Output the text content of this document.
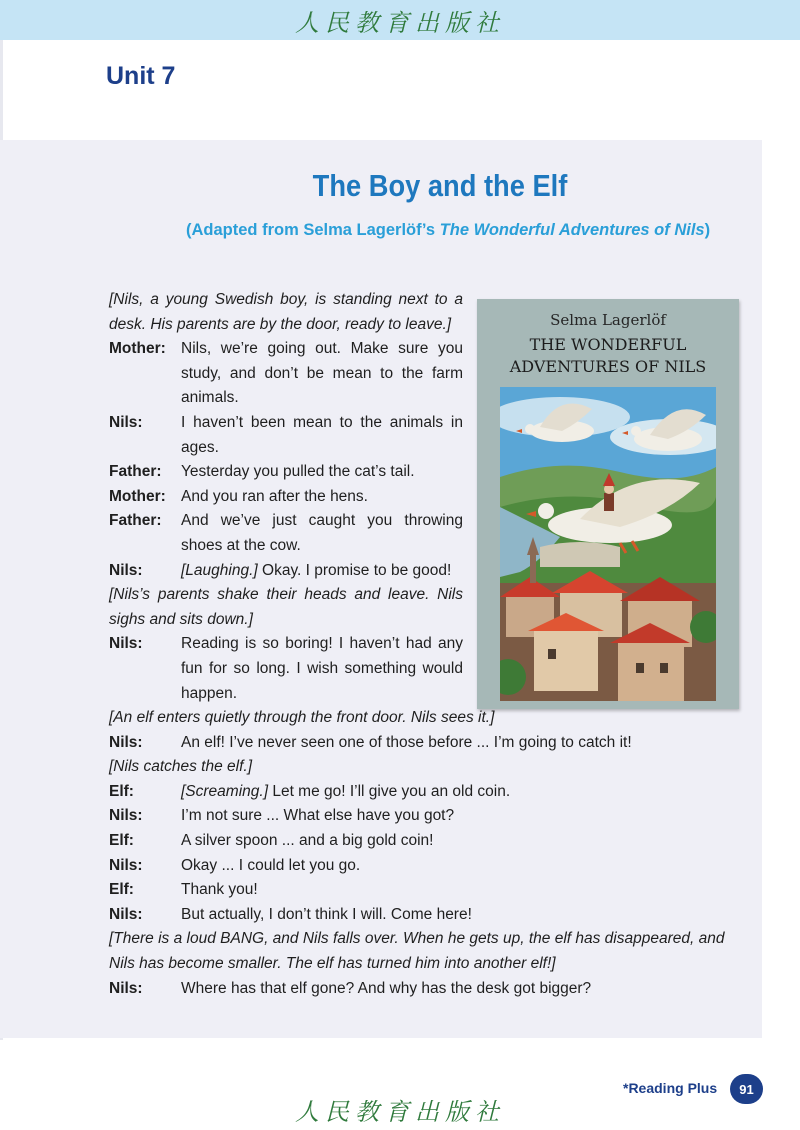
人民教育出版社
Unit 7
The Boy and the Elf

(Adapted from Selma Lagerlöf’s The Wonderful Adventures of Nils)

Selma Lagerlöf
THE WONDERFUL
ADVENTURES OF NILS
[Nils, a young Swedish boy, is standing next to a desk. His parents are by the door, ready to leave.]
Mother: Nils, we’re going out. Make sure you study, and don’t be mean to the farm animals.
Nils:	I haven’t been mean to the animals in ages.
Father:	Yesterday you pulled the cat’s tail.
Mother: And you ran after the hens.
Father:	And we’ve just caught you throwing shoes at the cow.
Nils:	[Laughing.] Okay. I promise to be good!
[Nils’s parents shake their heads and leave. Nils sighs and sits down.]
Nils:	Reading is so boring! I haven’t had any fun for so long. I wish something would happen.
[An elf enters quietly through the front door. Nils sees it.]
Nils:	An elf! I’ve never seen one of those before ... I’m going to catch it!
[Nils catches the elf.]
Elf:	[Screaming.] Let me go! I’ll give you an old coin.
Nils:	I’m not sure ... What else have you got?
Elf:	A silver spoon ... and a big gold coin!
Nils:	Okay ... I could let you go.
Elf:	Thank you!
Nils:	But actually, I don’t think I will. Come here!
[There is a loud BANG, and Nils falls over. When he gets up, the elf has disappeared, and Nils has become smaller. The elf has turned him into another elf!]
Nils:	Where has that elf gone? And why has the desk got bigger?
人民教育出版社
*Reading Plus	91
